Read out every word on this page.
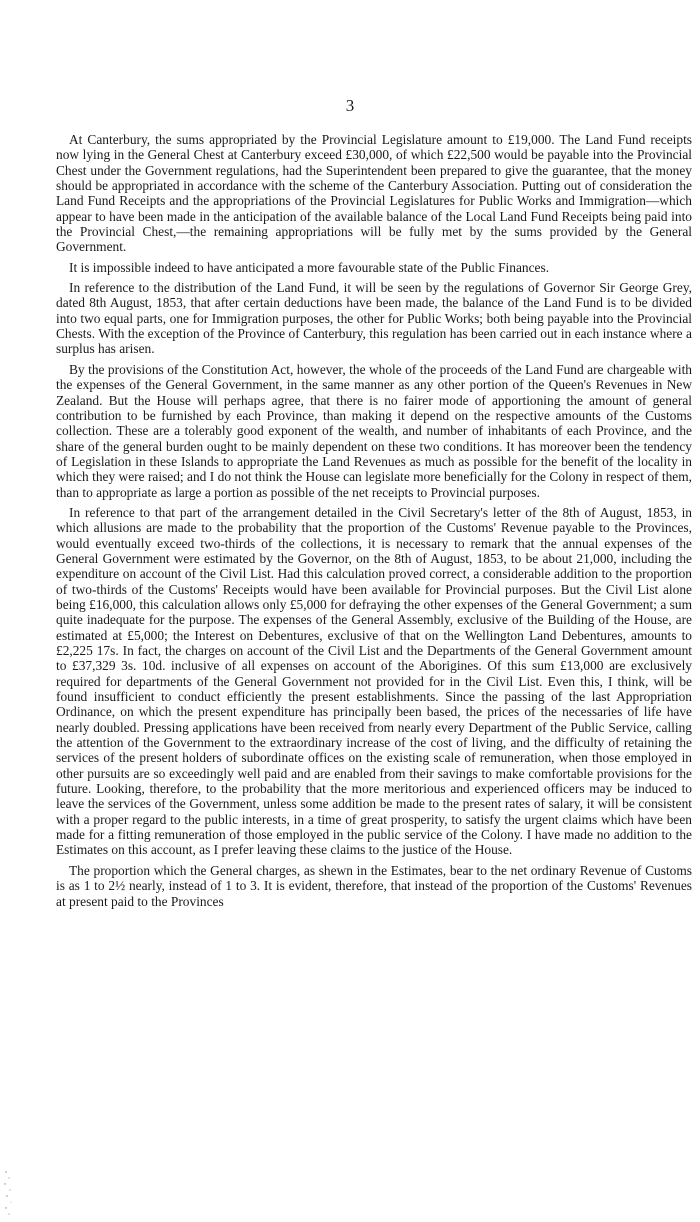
3

At Canterbury, the sums appropriated by the Provincial Legislature amount to £19,000. The Land Fund receipts now lying in the General Chest at Canterbury exceed £30,000, of which £22,500 would be payable into the Provincial Chest under the Government regulations, had the Superintendent been prepared to give the guarantee, that the money should be appropriated in accordance with the scheme of the Canterbury Association. Putting out of consideration the Land Fund Receipts and the appropriations of the Provincial Legislatures for Public Works and Immigration—which appear to have been made in the anticipation of the available balance of the Local Land Fund Receipts being paid into the Provincial Chest,—the remaining appropriations will be fully met by the sums provided by the General Government.

It is impossible indeed to have anticipated a more favourable state of the Public Finances.

In reference to the distribution of the Land Fund, it will be seen by the regulations of Governor Sir George Grey, dated 8th August, 1853, that after certain deductions have been made, the balance of the Land Fund is to be divided into two equal parts, one for Immigration purposes, the other for Public Works; both being payable into the Provincial Chests. With the exception of the Province of Canterbury, this regulation has been carried out in each instance where a surplus has arisen.

By the provisions of the Constitution Act, however, the whole of the proceeds of the Land Fund are chargeable with the expenses of the General Government, in the same manner as any other portion of the Queen's Revenues in New Zealand. But the House will perhaps agree, that there is no fairer mode of apportioning the amount of general contribution to be furnished by each Province, than making it depend on the respective amounts of the Customs collection. These are a tolerably good exponent of the wealth, and number of inhabitants of each Province, and the share of the general burden ought to be mainly dependent on these two conditions. It has moreover been the tendency of Legislation in these Islands to appropriate the Land Revenues as much as possible for the benefit of the locality in which they were raised; and I do not think the House can legislate more beneficially for the Colony in respect of them, than to appropriate as large a portion as possible of the net receipts to Provincial purposes.

In reference to that part of the arrangement detailed in the Civil Secretary's letter of the 8th of August, 1853, in which allusions are made to the probability that the proportion of the Customs' Revenue payable to the Provinces, would eventually exceed two-thirds of the collections, it is necessary to remark that the annual expenses of the General Government were estimated by the Governor, on the 8th of August, 1853, to be about 21,000, including the expenditure on account of the Civil List. Had this calculation proved correct, a considerable addition to the proportion of two-thirds of the Customs' Receipts would have been available for Provincial purposes. But the Civil List alone being £16,000, this calculation allows only £5,000 for defraying the other expenses of the General Government; a sum quite inadequate for the purpose. The expenses of the General Assembly, exclusive of the Building of the House, are estimated at £5,000; the Interest on Debentures, exclusive of that on the Wellington Land Debentures, amounts to £2,225 17s. In fact, the charges on account of the Civil List and the Departments of the General Government amount to £37,329 3s. 10d. inclusive of all expenses on account of the Aborigines. Of this sum £13,000 are exclusively required for departments of the General Government not provided for in the Civil List. Even this, I think, will be found insufficient to conduct efficiently the present establishments. Since the passing of the last Appropriation Ordinance, on which the present expenditure has principally been based, the prices of the necessaries of life have nearly doubled. Pressing applications have been received from nearly every Department of the Public Service, calling the attention of the Government to the extraordinary increase of the cost of living, and the difficulty of retaining the services of the present holders of subordinate offices on the existing scale of remuneration, when those employed in other pursuits are so exceedingly well paid and are enabled from their savings to make comfortable provisions for the future. Looking, therefore, to the probability that the more meritorious and experienced officers may be induced to leave the services of the Government, unless some addition be made to the present rates of salary, it will be consistent with a proper regard to the public interests, in a time of great prosperity, to satisfy the urgent claims which have been made for a fitting remuneration of those employed in the public service of the Colony. I have made no addition to the Estimates on this account, as I prefer leaving these claims to the justice of the House.

The proportion which the General charges, as shewn in the Estimates, bear to the net ordinary Revenue of Customs is as 1 to 2½ nearly, instead of 1 to 3. It is evident, therefore, that instead of the proportion of the Customs' Revenues at present paid to the Provinces
